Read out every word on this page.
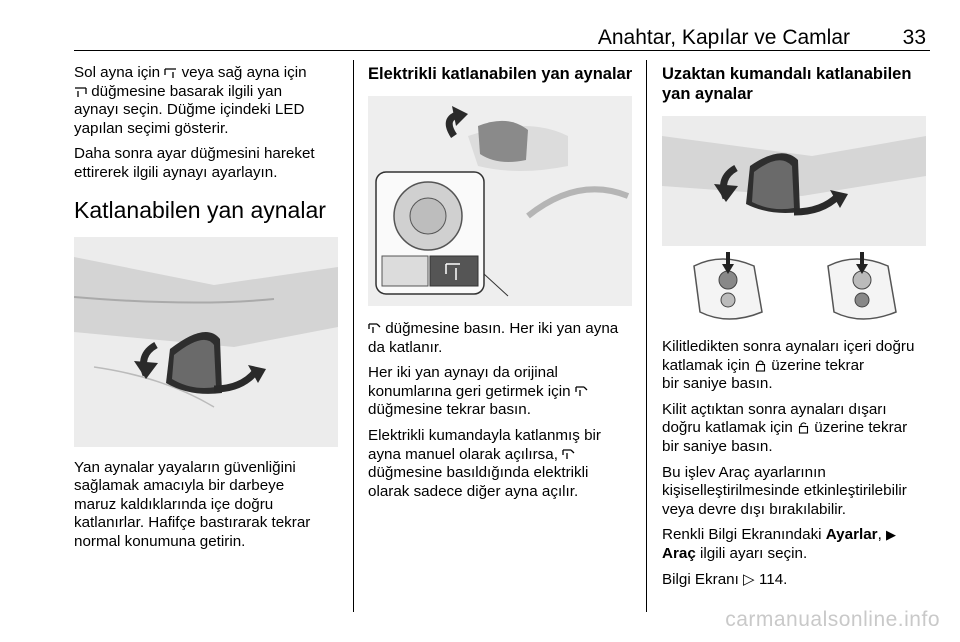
Anahtar, Kapılar ve Camlar	33

Sol ayna için  veya sağ ayna için
düğmesine basarak ilgili yan
aynayı seçin. Düğme içindeki LED
yapılan seçimi gösterir.

Daha sonra ayar düğmesini hareket
ettirerek ilgili aynayı ayarlayın.

Katlanabilen yan aynalar

Yan aynalar yayaların güvenliğini
sağlamak amacıyla bir darbeye
maruz kaldıklarında içe doğru
katlanırlar. Hafifçe bastırarak tekrar
normal konumuna getirin.

Elektrikli katlanabilen yan aynalar

düğmesine basın. Her iki yan ayna
da katlanır.

Her iki yan aynayı da orijinal
konumlarına geri getirmek için
düğmesine tekrar basın.

Elektrikli kumandayla katlanmış bir
ayna manuel olarak açılırsa,
düğmesine basıldığında elektrikli
olarak sadece diğer ayna açılır.

Uzaktan kumandalı katlanabilen
yan aynalar

Kilitledikten sonra aynaları içeri doğru
katlamak için  üzerine tekrar
bir saniye basın.

Kilit açtıktan sonra aynaları dışarı
doğru katlamak için  üzerine tekrar
bir saniye basın.

Bu işlev Araç ayarlarının
kişiselleştirilmesinde etkinleştirilebilir
veya devre dışı bırakılabilir.

Renkli Bilgi Ekranındaki Ayarlar, ▶
Araç ilgili ayarı seçin.

Bilgi Ekranı ▷ 114.

carmanualsonline.info
